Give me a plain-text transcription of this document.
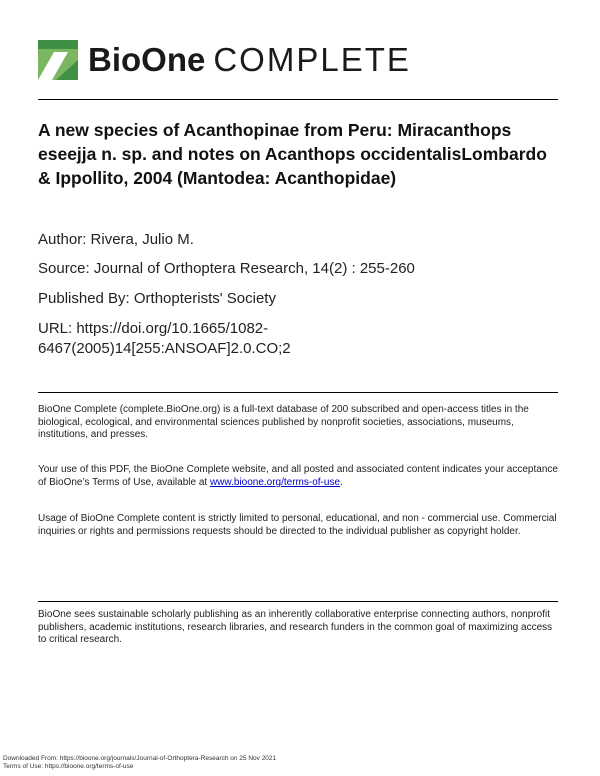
BioOne COMPLETE
A new species of Acanthopinae from Peru: Miracanthops eseejja n. sp. and notes on Acanthops occidentalisLombardo & Ippollito, 2004 (Mantodea: Acanthopidae)

Author: Rivera, Julio M.

Source: Journal of Orthoptera Research, 14(2) : 255-260

Published By: Orthopterists' Society

URL: https://doi.org/10.1665/1082-
6467(2005)14[255:ANSOAF]2.0.CO;2

BioOne Complete (complete.BioOne.org) is a full-text database of 200 subscribed and open-access titles in the biological, ecological, and environmental sciences published by nonprofit societies, associations, museums, institutions, and presses.

Your use of this PDF, the BioOne Complete website, and all posted and associated content indicates your acceptance of BioOne’s Terms of Use, available at www.bioone.org/terms-of-use.

Usage of BioOne Complete content is strictly limited to personal, educational, and non - commercial use. Commercial inquiries or rights and permissions requests should be directed to the individual publisher as copyright holder.

BioOne sees sustainable scholarly publishing as an inherently collaborative enterprise connecting authors, nonprofit publishers, academic institutions, research libraries, and research funders in the common goal of maximizing access to critical research.

Downloaded From: https://bioone.org/journals/Journal-of-Orthoptera-Research on 25 Nov 2021

Terms of Use: https://bioone.org/terms-of-use
